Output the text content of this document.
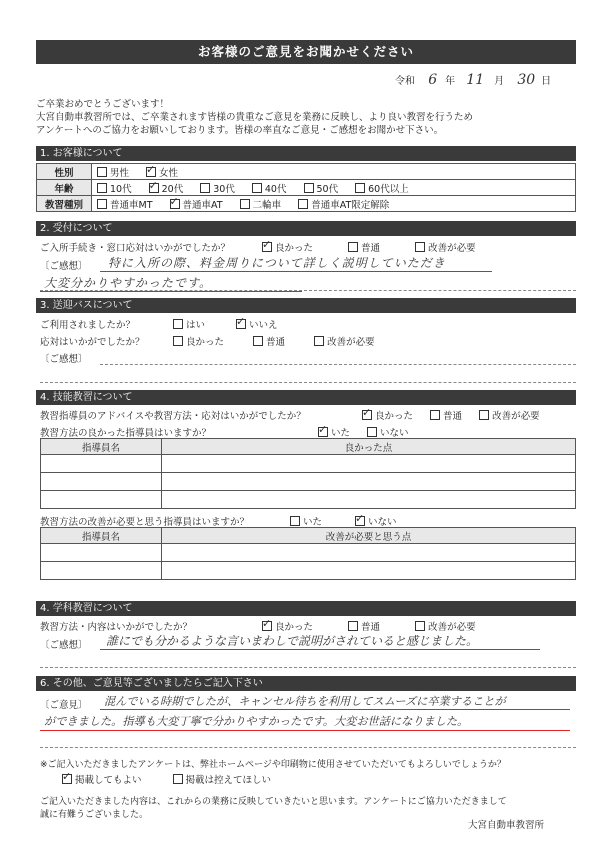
お客様のご意見をお聞かせください
令和 6 年 11 月 30 日
ご卒業おめでとうございます！
大宮自動車教習所では、ご卒業されます皆様の貴重なご意見を業務に反映し、より良い教習を行うため
アンケートへのご協力をお願いしております。皆様の率直なご意見・ご感想をお聞かせ下さい。
1. お客様について
性別	男性 ✓ 女性
年齢	10代 ✓ 20代 30代 40代 50代 60代以上
教習種別	普通車MT ✓ 普通車AT 二輪車 普通車AT限定解除
2. 受付について
ご入所手続き・窓口応対はいかがでしたか？ ✓	良かった	普通	改善が必要
〔ご感想〕 特に入所の際、料金周りについて詳しく説明していただき
大変分かりやすかったです。
3. 送迎バスについて
ご利用されましたか？	はい ✓	いいえ
応対はいかがでしたか？	良かった	普通	改善が必要
〔ご感想〕
4. 技能教習について
教習指導員のアドバイスや教習方法・応対はいかがでしたか？ ✓	良かった	普通	改善が必要
教習方法の良かった指導員はいますか？ ✓	いた	いない
指導員名	良かった点

教習方法の改善が必要と思う指導員はいますか？	いた ✓	いない
指導員名	改善が必要と思う点

4. 学科教習について
教習方法・内容はいかがでしたか？ ✓	良かった	普通	改善が必要
〔ご感想〕 誰にでも分かるような言いまわしで説明がされていると感じました。
6. その他、ご意見等ございましたらご記入下さい
〔ご意見〕 混んでいる時期でしたが、キャンセル待ちを利用してスムーズに卒業することが
ができました。指導も大変丁寧で分かりやすかったです。大変お世話になりました。
※ご記入いただきましたアンケートは、弊社ホームページや印刷物に使用させていただいてもよろしいでしょうか？
✓掲載してもよい	掲載は控えてほしい
ご記入いただきました内容は、これからの業務に反映していきたいと思います。アンケートにご協力いただきまして
誠に有難うございました。
大宮自動車教習所
